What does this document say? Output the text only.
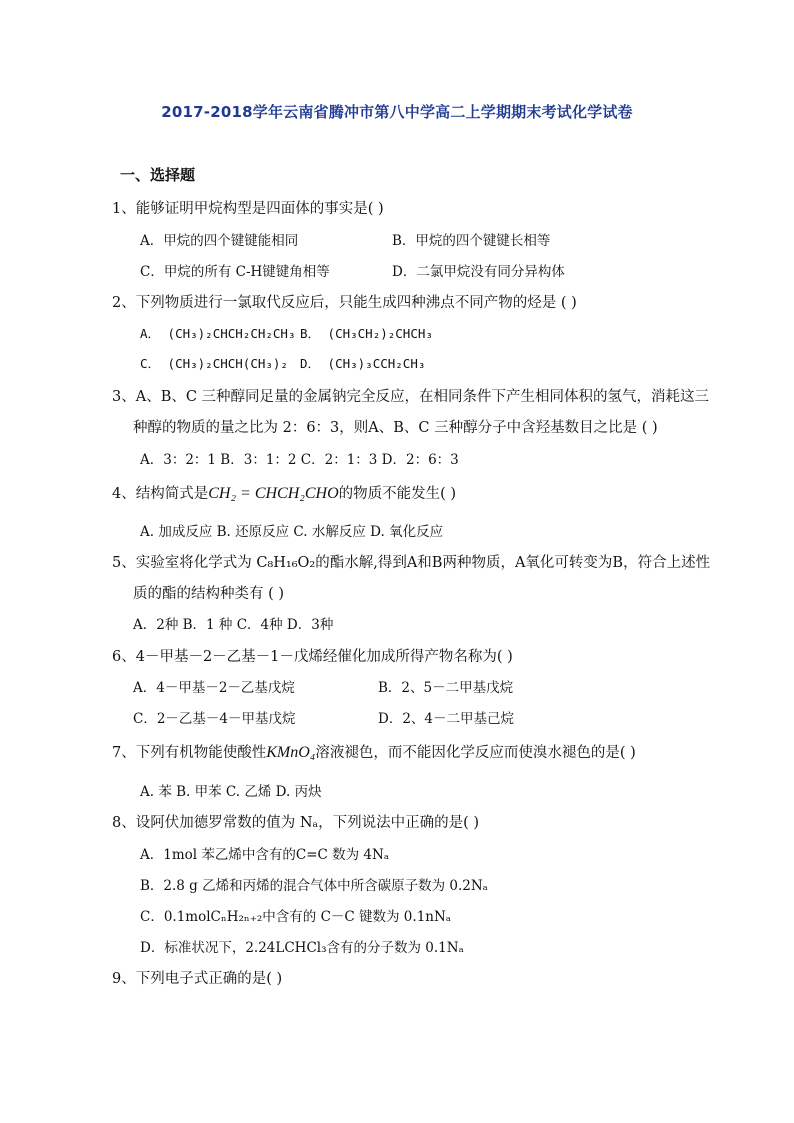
2017-2018学年云南省腾冲市第八中学高二上学期期末考试化学试卷
一、选择题
1、能够证明甲烷构型是四面体的事实是( )
A．甲烷的四个键键能相同	B．甲烷的四个键键长相等
C．甲烷的所有 C-H键键角相等	D．二氯甲烷没有同分异构体
2、下列物质进行一氯取代反应后，只能生成四种沸点不同产物的烃是 ( )
A． (CH₃)₂CHCH₂CH₂CH₃ B． (CH₃CH₂)₂CHCH₃
C． (CH₃)₂CHCH(CH₃)₂ D． (CH₃)₃CCH₂CH₃
3、A、B、C 三种醇同足量的金属钠完全反应，在相同条件下产生相同体积的氢气，消耗这三
种醇的物质的量之比为 2：6：3，则A、B、C 三种醇分子中含羟基数目之比是 ( )
A．3：2：1 B．3：1：2 C．2：1：3 D．2：6：3
4、结构简式是CH₂ = CHCH₂CHO的物质不能发生( )
A. 加成反应 B. 还原反应 C. 水解反应 D. 氧化反应
5、实验室将化学式为 C₈H₁₆O₂的酯水解,得到A和B两种物质，A氧化可转变为B，符合上述性
质的酯的结构种类有 ( )
A．2种 B．1 种 C．4种 D．3种
6、4－甲基－2－乙基－1－戊烯经催化加成所得产物名称为( )
A．4－甲基－2－乙基戊烷	B．2、5－二甲基戊烷
C．2－乙基－4－甲基戊烷	D．2、4－二甲基己烷
7、下列有机物能使酸性KMnO₄溶液褪色，而不能因化学反应而使溴水褪色的是( )
A. 苯 B. 甲苯 C. 乙烯 D. 丙炔
8、设阿伏加德罗常数的值为 Nₐ，下列说法中正确的是( )
A．1mol 苯乙烯中含有的C=C 数为 4Nₐ
B．2.8 g 乙烯和丙烯的混合气体中所含碳原子数为 0.2Nₐ
C．0.1molCₙH₂ₙ₊₂中含有的 C－C 键数为 0.1nNₐ
D．标准状况下，2.24LCHCl₃含有的分子数为 0.1Nₐ
9、下列电子式正确的是( )
